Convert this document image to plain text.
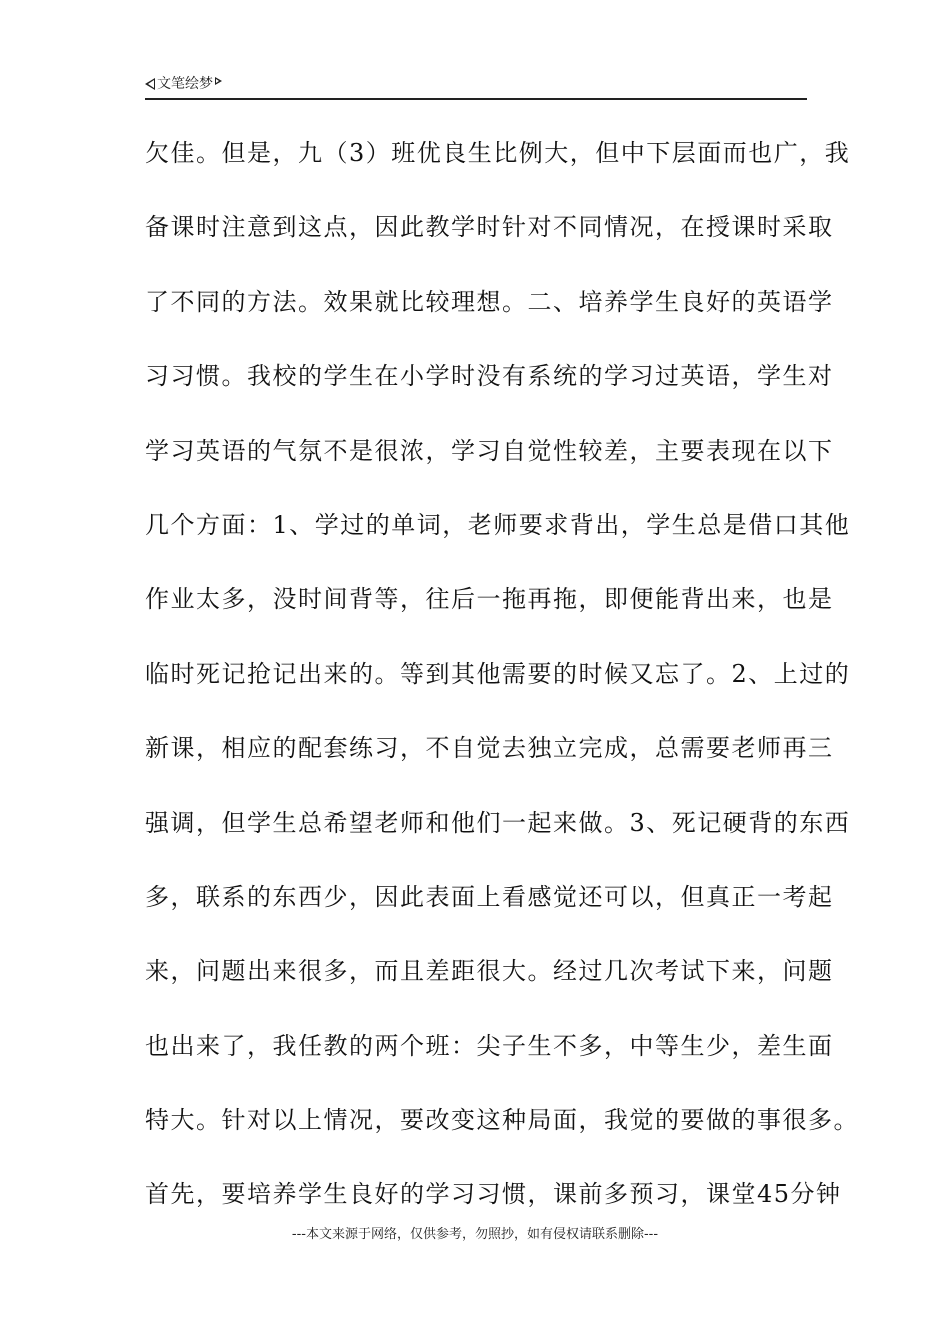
文笔绘梦
欠佳。但是，九（3）班优良生比例大，但中下层面而也广，我
备课时注意到这点，因此教学时针对不同情况，在授课时采取
了不同的方法。效果就比较理想。二、培养学生良好的英语学
习习惯。我校的学生在小学时没有系统的学习过英语，学生对
学习英语的气氛不是很浓，学习自觉性较差，主要表现在以下
几个方面：1、学过的单词，老师要求背出，学生总是借口其他
作业太多，没时间背等，往后一拖再拖，即便能背出来，也是
临时死记抢记出来的。等到其他需要的时候又忘了。2、上过的
新课，相应的配套练习，不自觉去独立完成，总需要老师再三
强调，但学生总希望老师和他们一起来做。3、死记硬背的东西
多，联系的东西少，因此表面上看感觉还可以，但真正一考起
来，问题出来很多，而且差距很大。经过几次考试下来，问题
也出来了，我任教的两个班：尖子生不多，中等生少，差生面
特大。针对以上情况，要改变这种局面，我觉的要做的事很多。
首先，要培养学生良好的学习习惯，课前多预习，课堂45分钟
---本文来源于网络，仅供参考，勿照抄，如有侵权请联系删除---
